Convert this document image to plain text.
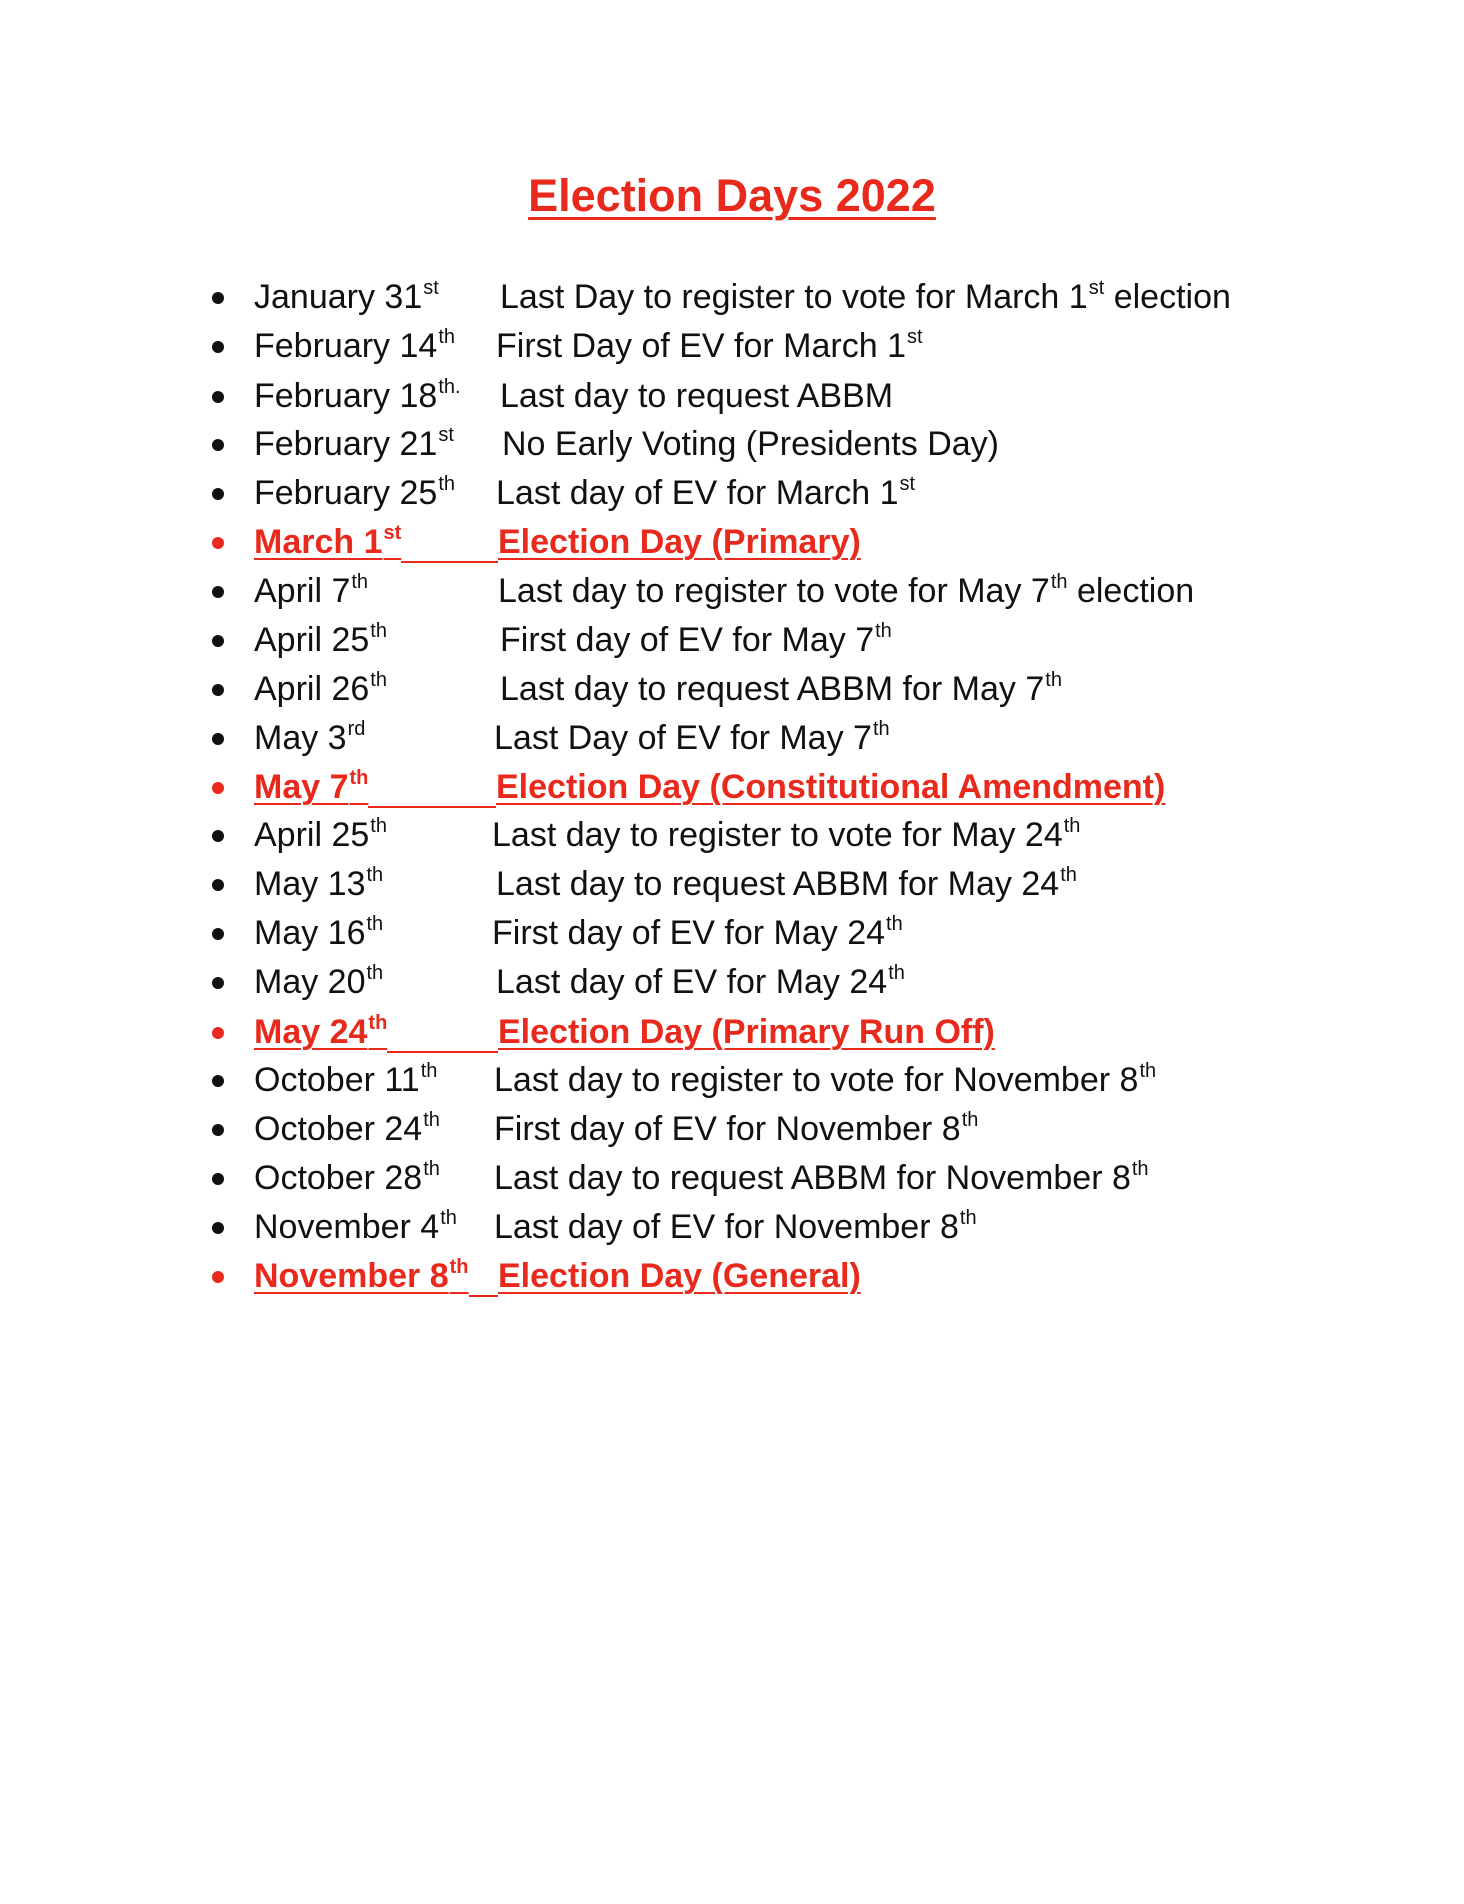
Election Days 2022
January 31st Last Day to register to vote for March 1st election
February 14th First Day of EV for March 1st
February $18^{th.}$ Last day to request ABBM
February 21st No Early Voting (Presidents Day)
February 25th Last day of EV for March 1st
March 1st	Election Day (Primary)
April 7th	Last day to register to vote for May 7th election
April 25th	First day of EV for May 7th
April 26th	Last day to request ABBM for May 7th
May 3rd	Last Day of EV for May 7th
May 7th	Election Day (Constitutional Amendment)
April 25th	Last day to register to vote for May 24th
May 13th	Last day to request ABBM for May 24th
May 16th	First day of EV for May 24th
May 20th	Last day of EV for May 24th
May 24th	Election Day (Primary Run Off)
October 11th Last day to register to vote for November 8th
October 24th First day of EV for November 8th
October 28th Last day to request ABBM for November 8th
November 4th Last day of EV for November 8th
November 8th Election Day (General)
